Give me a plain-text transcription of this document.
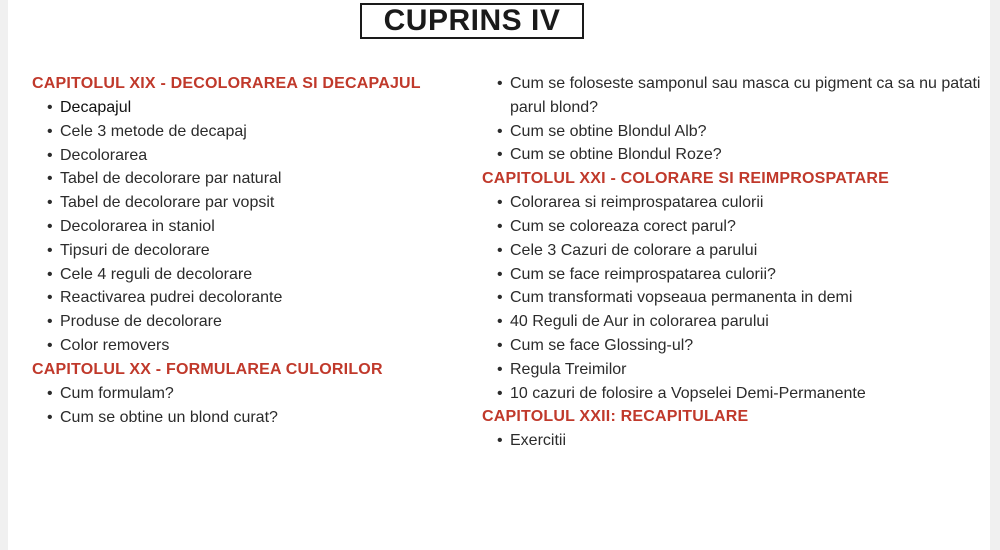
CUPRINS IV
CAPITOLUL XIX - DECOLORAREA SI DECAPAJUL
• Decapajul
• Cele 3 metode de decapaj
• Decolorarea
• Tabel de decolorare par natural
• Tabel de decolorare par vopsit
• Decolorarea in staniol
• Tipsuri de decolorare
• Cele 4 reguli de decolorare
• Reactivarea pudrei decolorante
• Produse de decolorare
• Color removers
CAPITOLUL XX - FORMULAREA CULORILOR
• Cum formulam?
• Cum se obtine un blond curat?
• Cum se foloseste samponul sau masca cu pigment ca sa nu patati parul blond?
• Cum se obtine Blondul Alb?
• Cum se obtine Blondul Roze?
CAPITOLUL XXI - COLORARE SI REIMPROSPATARE
• Colorarea si reimprospatarea culorii
• Cum se coloreaza corect parul?
• Cele 3 Cazuri de colorare a parului
• Cum se face reimprospatarea culorii?
• Cum transformati vopseaua permanenta in demi
• 40 Reguli de Aur in colorarea parului
• Cum se face Glossing-ul?
• Regula Treimilor
• 10 cazuri de folosire a Vopselei Demi-Permanente
CAPITOLUL XXII: RECAPITULARE
• Exercitii
